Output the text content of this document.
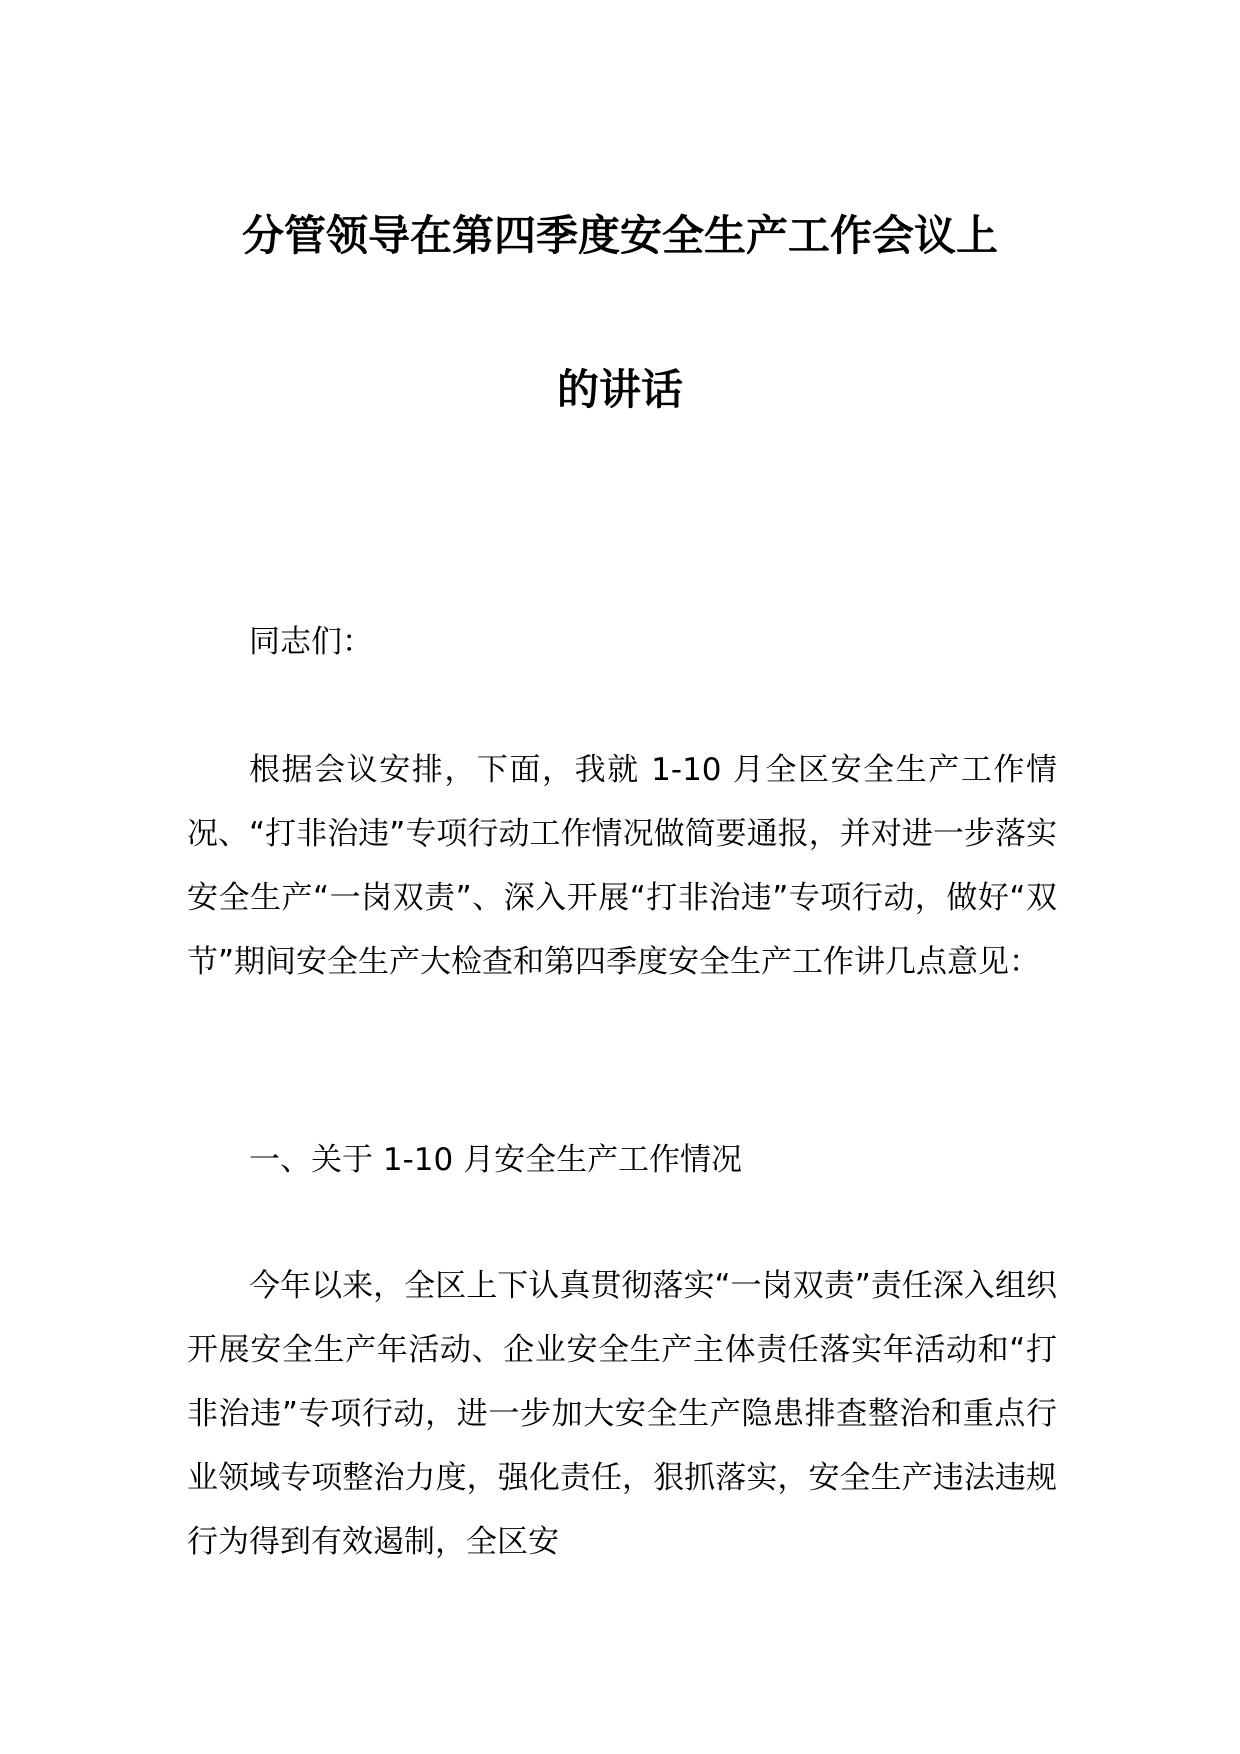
分管领导在第四季度安全生产工作会议上
的讲话

同志们：

根据会议安排，下面，我就 1-10 月全区安全生产工作情况、“打非治违”专项行动工作情况做简要通报，并对进一步落实安全生产“一岗双责”、深入开展“打非治违”专项行动，做好“双节”期间安全生产大检查和第四季度安全生产工作讲几点意见：

一、关于 1-10 月安全生产工作情况

今年以来，全区上下认真贯彻落实“一岗双责”责任深入组织开展安全生产年活动、企业安全生产主体责任落实年活动和“打非治违”专项行动，进一步加大安全生产隐患排查整治和重点行业领域专项整治力度，强化责任，狠抓落实，安全生产违法违规行为得到有效遏制，全区安
